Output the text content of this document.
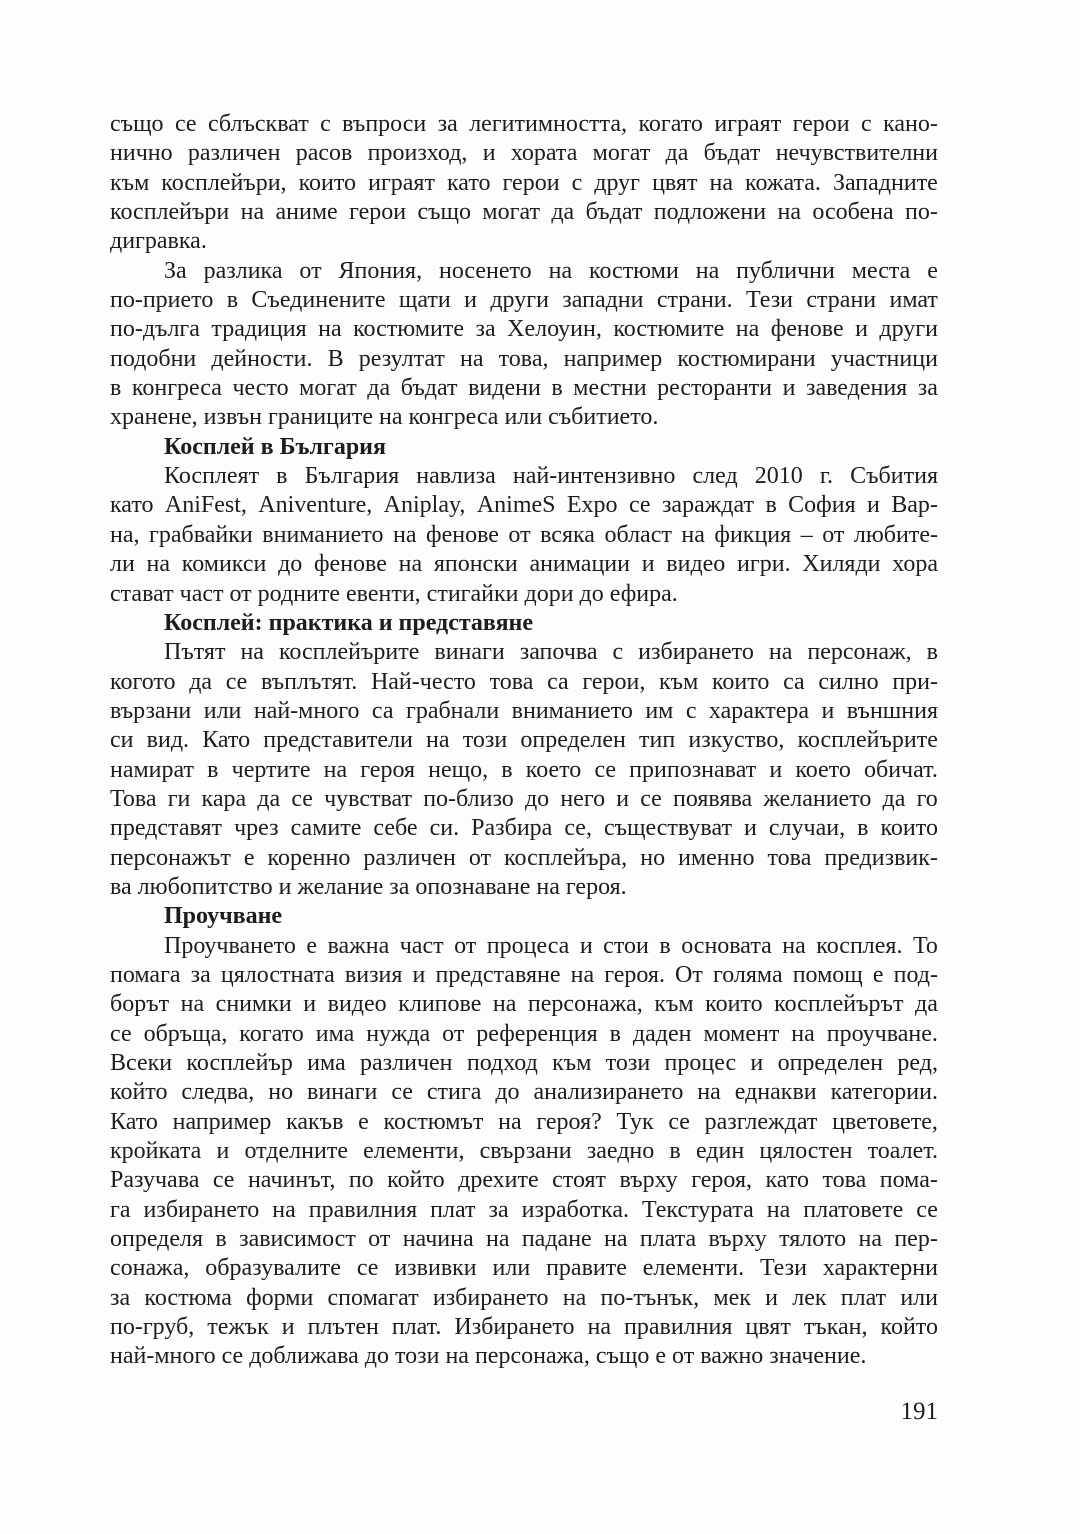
също се сблъскват с въпроси за легитимността, когато играят герои с кано-
нично различен расов произход, и хората могат да бъдат нечувствителни
към косплейъри, които играят като герои с друг цвят на кожата. Западните
косплейъри на аниме герои също могат да бъдат подложени на особена по-
дигравка.
За разлика от Япония, носенето на костюми на публични места е
по-прието в Съединените щати и други западни страни. Тези страни имат
по-дълга традиция на костюмите за Хелоуин, костюмите на фенове и други
подобни дейности. В резултат на това, например костюмирани участници
в конгреса често могат да бъдат видени в местни ресторанти и заведения за
хранене, извън границите на конгреса или събитието.
Косплей в България
Косплеят в България навлиза най-интензивно след 2010 г. Събития
като AniFest, Aniventure, Aniplay, AnimeS Expo се зараждат в София и Вар-
на, грабвайки вниманието на фенове от всяка област на фикция – от любите-
ли на комикси до фенове на японски анимации и видео игри. Хиляди хора
стават част от родните евенти, стигайки дори до ефира.
Косплей: практика и представяне
Пътят на косплейърите винаги започва с избирането на персонаж, в
когото да се въплътят. Най-често това са герои, към които са силно при-
вързани или най-много са грабнали вниманието им с характера и външния
си вид. Като представители на този определен тип изкуство, косплейърите
намират в чертите на героя нещо, в което се припознават и което обичат.
Това ги кара да се чувстват по-близо до него и се появява желанието да го
представят чрез самите себе си. Разбира се, съществуват и случаи, в които
персонажът е коренно различен от косплейъра, но именно това предизвик-
ва любопитство и желание за опознаване на героя.
Проучване
Проучването е важна част от процеса и стои в основата на косплея. То
помага за цялостната визия и представяне на героя. От голяма помощ е под-
борът на снимки и видео клипове на персонажа, към които косплейърът да
се обръща, когато има нужда от референция в даден момент на проучване.
Всеки косплейър има различен подход към този процес и определен ред,
който следва, но винаги се стига до анализирането на еднакви категории.
Като например какъв е костюмът на героя? Тук се разглеждат цветовете,
кройката и отделните елементи, свързани заедно в един цялостен тоалет.
Разучава се начинът, по който дрехите стоят върху героя, като това пома-
га избирането на правилния плат за изработка. Текстурата на платовете се
определя в зависимост от начина на падане на плата върху тялото на пер-
сонажа, образувалите се извивки или правите елементи. Тези характерни
за костюма форми спомагат избирането на по-тънък, мек и лек плат или
по-груб, тежък и плътен плат. Избирането на правилния цвят тъкан, който
най-много се доближава до този на персонажа, също е от важно значение.
191
